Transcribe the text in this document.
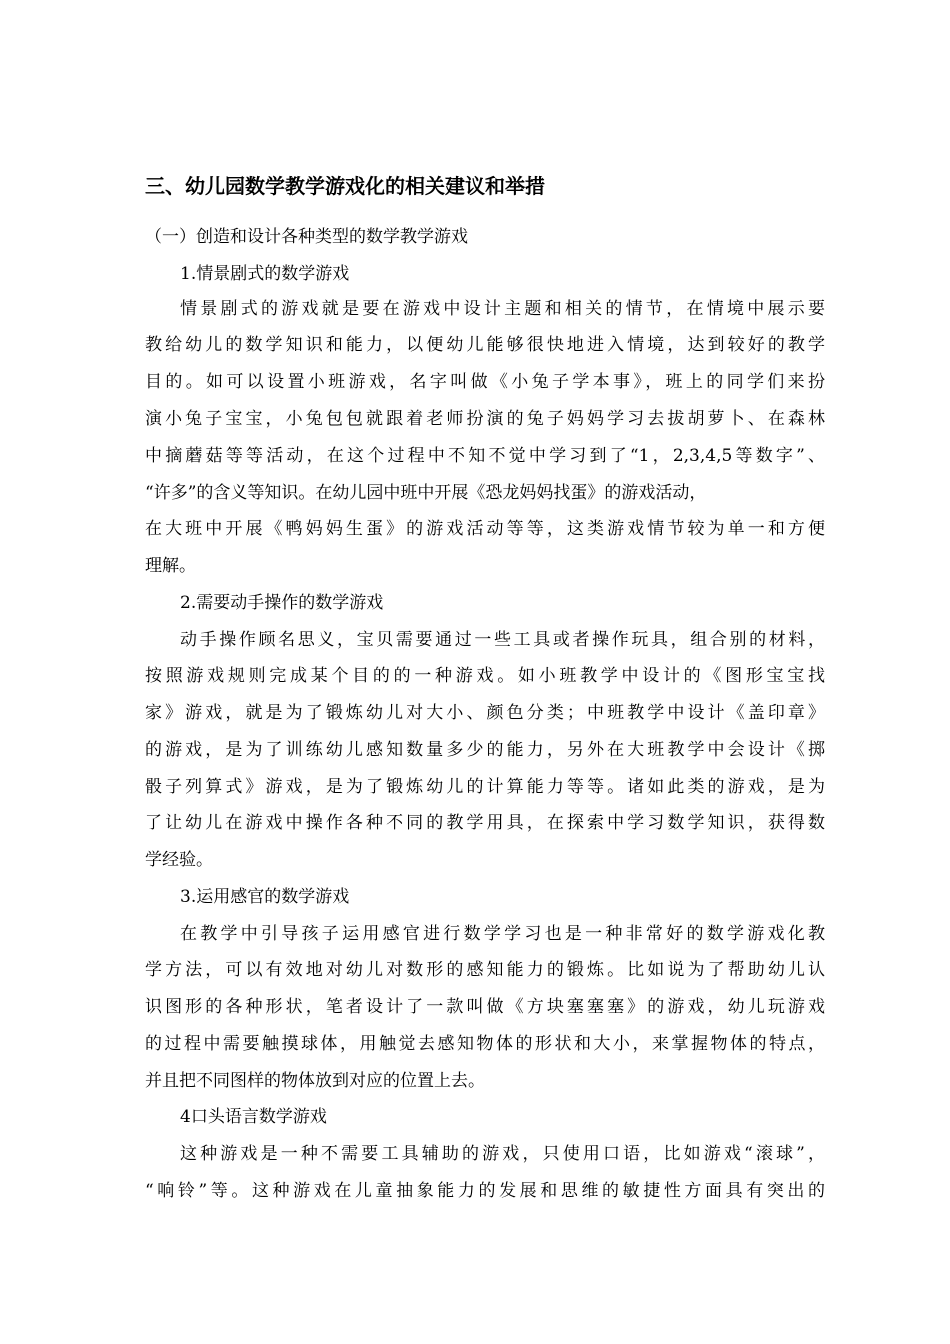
三、幼儿园数学教学游戏化的相关建议和举措
（一）创造和设计各种类型的数学教学游戏
1.情景剧式的数学游戏
情景剧式的游戏就是要在游戏中设计主题和相关的情节，在情境中展示要
教给幼儿的数学知识和能力，以便幼儿能够很快地进入情境，达到较好的教学
目的。如可以设置小班游戏，名字叫做《小兔子学本事》，班上的同学们来扮
演小兔子宝宝，小兔包包就跟着老师扮演的兔子妈妈学习去拔胡萝卜、在森林
中摘蘑菇等等活动，在这个过程中不知不觉中学习到了“1，2,3,4,5等数字”、
“许多”的含义等知识。在幼儿园中班中开展《恐龙妈妈找蛋》的游戏活动，
在大班中开展《鸭妈妈生蛋》的游戏活动等等，这类游戏情节较为单一和方便
理解。
2.需要动手操作的数学游戏
动手操作顾名思义，宝贝需要通过一些工具或者操作玩具，组合别的材料，
按照游戏规则完成某个目的的一种游戏。如小班教学中设计的《图形宝宝找
家》游戏，就是为了锻炼幼儿对大小、颜色分类；中班教学中设计《盖印章》
的游戏，是为了训练幼儿感知数量多少的能力，另外在大班教学中会设计《掷
骰子列算式》游戏，是为了锻炼幼儿的计算能力等等。诸如此类的游戏，是为
了让幼儿在游戏中操作各种不同的教学用具，在探索中学习数学知识，获得数
学经验。
3.运用感官的数学游戏
在教学中引导孩子运用感官进行数学学习也是一种非常好的数学游戏化教
学方法，可以有效地对幼儿对数形的感知能力的锻炼。比如说为了帮助幼儿认
识图形的各种形状，笔者设计了一款叫做《方块塞塞塞》的游戏，幼儿玩游戏
的过程中需要触摸球体，用触觉去感知物体的形状和大小，来掌握物体的特点，
并且把不同图样的物体放到对应的位置上去。
4口头语言数学游戏
这种游戏是一种不需要工具辅助的游戏，只使用口语，比如游戏“滚球”，
“响铃”等。这种游戏在儿童抽象能力的发展和思维的敏捷性方面具有突出的
